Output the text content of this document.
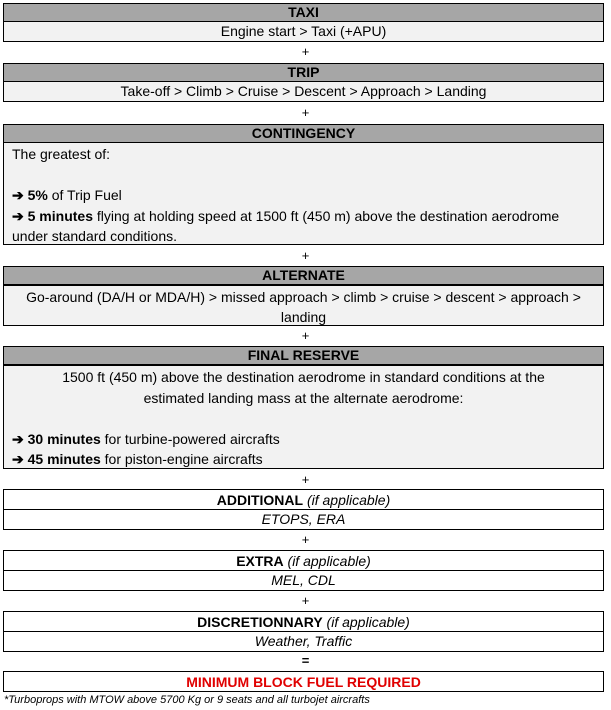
TAXI
Engine start > Taxi (+APU)
+
TRIP
Take-off > Climb > Cruise > Descent > Approach > Landing
+
CONTINGENCY
The greatest of:
➔ 5% of Trip Fuel
➔ 5 minutes flying at holding speed at 1500 ft (450 m) above the destination aerodrome under standard conditions.
+
ALTERNATE
Go-around (DA/H or MDA/H) > missed approach > climb > cruise > descent > approach > landing
+
FINAL RESERVE
1500 ft (450 m) above the destination aerodrome in standard conditions at the estimated landing mass at the alternate aerodrome:
➔ 30 minutes for turbine-powered aircrafts
➔ 45 minutes for piston-engine aircrafts
+
ADDITIONAL (if applicable)
ETOPS, ERA
+
EXTRA (if applicable)
MEL, CDL
+
DISCRETIONNARY (if applicable)
Weather, Traffic
=
MINIMUM BLOCK FUEL REQUIRED
*Turboprops with MTOW above 5700 Kg or 9 seats and all turbojet aircrafts
